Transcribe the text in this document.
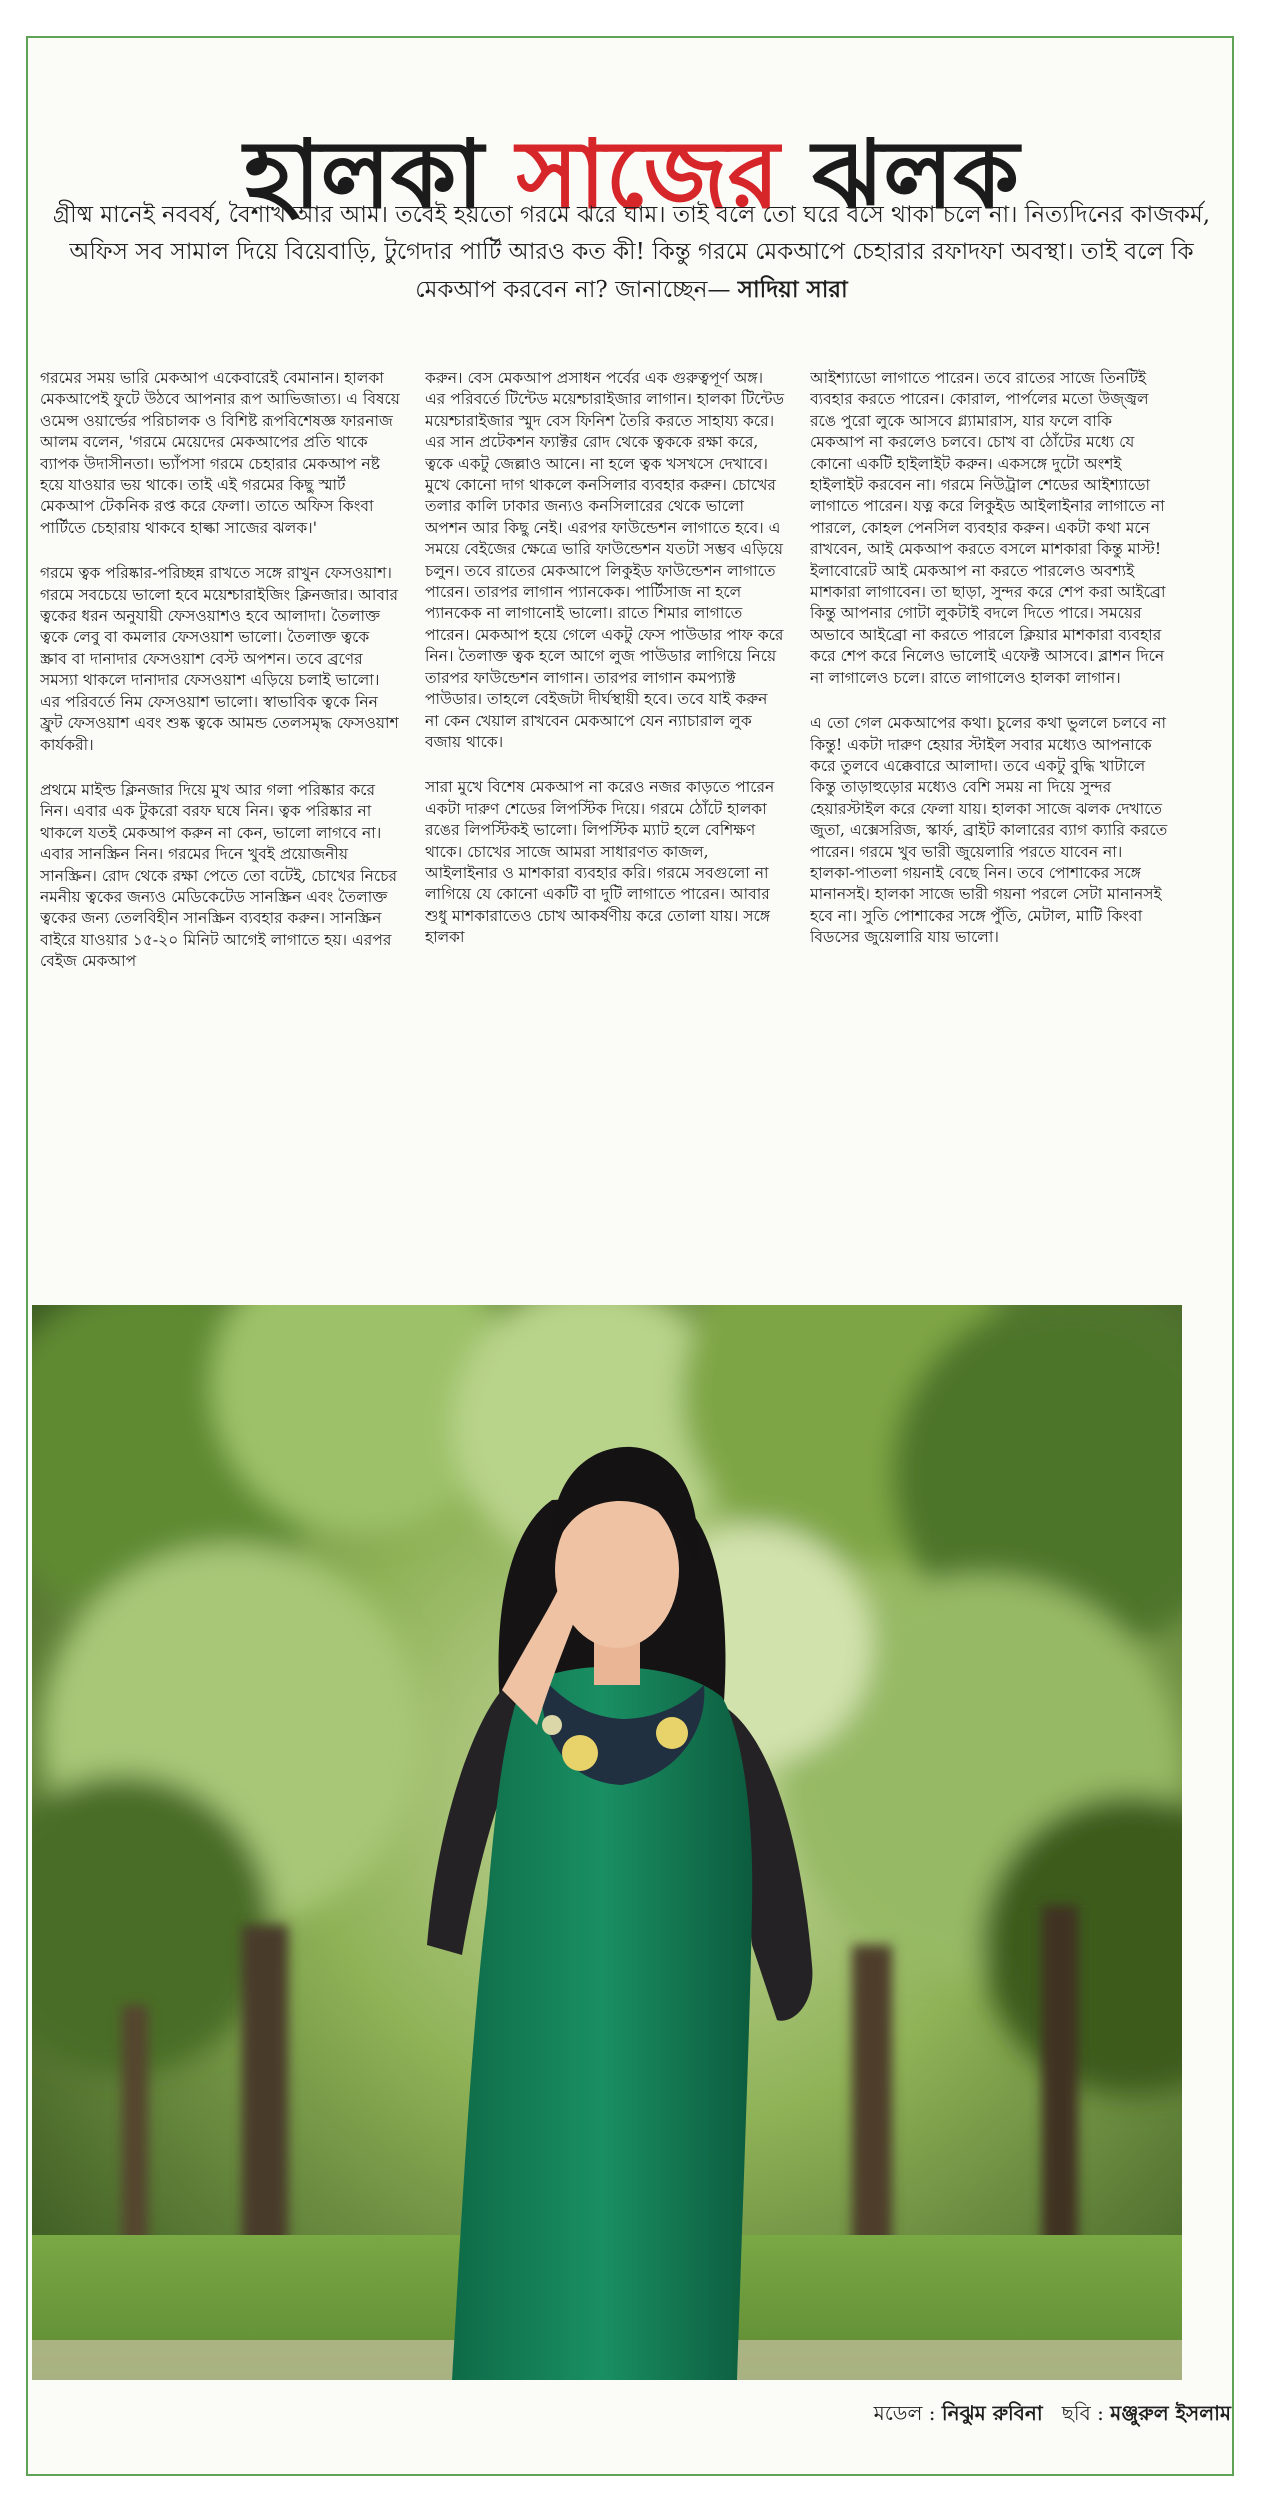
হালকা সাজের ঝলক
গ্রীষ্ম মানেই নববর্ষ, বৈশাখ আর আম। তবেই হয়তো গরমে ঝরে ঘাম। তাই বলে তো ঘরে বসে থাকা চলে না। নিত্যদিনের কাজকর্ম, অফিস সব সামাল দিয়ে বিয়েবাড়ি, টুগেদার পার্টি আরও কত কী! কিন্তু গরমে মেকআপে চেহারার রফাদফা অবস্থা। তাই বলে কি মেকআপ করবেন না? জানাচ্ছেন— সাদিয়া সারা

গরমের সময় ভারি মেকআপ একেবারেই বেমানান। হালকা মেকআপেই ফুটে উঠবে আপনার রূপ আভিজাত্য। এ বিষয়ে ওমেন্স ওয়ার্ল্ডের পরিচালক ও বিশিষ্ট রূপবিশেষজ্ঞ ফারনাজ আলম বলেন, 'গরমে মেয়েদের মেকআপের প্রতি থাকে ব্যাপক উদাসীনতা। ভ্যাঁপসা গরমে চেহারার মেকআপ নষ্ট হয়ে যাওয়ার ভয় থাকে। তাই এই গরমের কিছু স্মার্ট মেকআপ টেকনিক রপ্ত করে ফেলা। তাতে অফিস কিংবা পার্টিতে চেহারায় থাকবে হাল্কা সাজের ঝলক।'

গরমে ত্বক পরিষ্কার-পরিচ্ছন্ন রাখতে সঙ্গে রাখুন ফেসওয়াশ। গরমে সবচেয়ে ভালো হবে ময়েশ্চারাইজিং ক্লিনজার। আবার ত্বকের ধরন অনুযায়ী ফেসওয়াশও হবে আলাদা। তৈলাক্ত ত্বকে লেবু বা কমলার ফেসওয়াশ ভালো। তৈলাক্ত ত্বকে স্ক্রাব বা দানাদার ফেসওয়াশ বেস্ট অপশন। তবে ব্রণের সমস্যা থাকলে দানাদার ফেসওয়াশ এড়িয়ে চলাই ভালো। এর পরিবর্তে নিম ফেসওয়াশ ভালো। স্বাভাবিক ত্বকে নিন ফ্রুট ফেসওয়াশ এবং শুষ্ক ত্বকে আমন্ড তেলসমৃদ্ধ ফেসওয়াশ কার্যকরী।

প্রথমে মাইল্ড ক্লিনজার দিয়ে মুখ আর গলা পরিষ্কার করে নিন। এবার এক টুকরো বরফ ঘষে নিন। ত্বক পরিষ্কার না থাকলে যতই মেকআপ করুন না কেন, ভালো লাগবে না। এবার সানস্ক্রিন নিন। গরমের দিনে খুবই প্রয়োজনীয় সানস্ক্রিন। রোদ থেকে রক্ষা পেতে তো বটেই, চোখের নিচের নমনীয় ত্বকের জন্যও মেডিকেটেড সানস্ক্রিন এবং তৈলাক্ত ত্বকের জন্য তেলবিহীন সানস্ক্রিন ব্যবহার করুন। সানস্ক্রিন বাইরে যাওয়ার ১৫-২০ মিনিট আগেই লাগাতে হয়। এরপর বেইজ মেকআপ

করুন। বেস মেকআপ প্রসাধন পর্বের এক গুরুত্বপূর্ণ অঙ্গ। এর পরিবর্তে টিন্টেড ময়েশ্চারাইজার লাগান। হালকা টিন্টেড ময়েশ্চারাইজার স্মুদ বেস ফিনিশ তৈরি করতে সাহায্য করে। এর সান প্রটেকশন ফ্যাক্টর রোদ থেকে ত্বককে রক্ষা করে, ত্বকে একটু জেল্লাও আনে। না হলে ত্বক খসখসে দেখাবে। মুখে কোনো দাগ থাকলে কনসিলার ব্যবহার করুন। চোখের তলার কালি ঢাকার জন্যও কনসিলারের থেকে ভালো অপশন আর কিছু নেই। এরপর ফাউন্ডেশন লাগাতে হবে। এ সময়ে বেইজের ক্ষেত্রে ভারি ফাউন্ডেশন যতটা সম্ভব এড়িয়ে চলুন। তবে রাতের মেকআপে লিকুইড ফাউন্ডেশন লাগাতে পারেন। তারপর লাগান প্যানকেক। পার্টিসাজ না হলে প্যানকেক না লাগানোই ভালো। রাতে শিমার লাগাতে পারেন। মেকআপ হয়ে গেলে একটু ফেস পাউডার পাফ করে নিন। তৈলাক্ত ত্বক হলে আগে লুজ পাউডার লাগিয়ে নিয়ে তারপর ফাউন্ডেশন লাগান। তারপর লাগান কমপ্যাক্ট পাউডার। তাহলে বেইজটা দীর্ঘস্থায়ী হবে। তবে যাই করুন না কেন খেয়াল রাখবেন মেকআপে যেন ন্যাচারাল লুক বজায় থাকে।

সারা মুখে বিশেষ মেকআপ না করেও নজর কাড়তে পারেন একটা দারুণ শেডের লিপস্টিক দিয়ে। গরমে ঠোঁটে হালকা রঙের লিপস্টিকই ভালো। লিপস্টিক ম্যাট হলে বেশিক্ষণ থাকে। চোখের সাজে আমরা সাধারণত কাজল, আইলাইনার ও মাশকারা ব্যবহার করি। গরমে সবগুলো না লাগিয়ে যে কোনো একটি বা দুটি লাগাতে পারেন। আবার শুধু মাশকারাতেও চোখ আকর্ষণীয় করে তোলা যায়। সঙ্গে হালকা

আইশ্যাডো লাগাতে পারেন। তবে রাতের সাজে তিনটিই ব্যবহার করতে পারেন। কোরাল, পার্পলের মতো উজ্জ্বল রঙে পুরো লুকে আসবে গ্ল্যামারাস, যার ফলে বাকি মেকআপ না করলেও চলবে। চোখ বা ঠোঁটের মধ্যে যে কোনো একটি হাইলাইট করুন। একসঙ্গে দুটো অংশই হাইলাইট করবেন না। গরমে নিউট্রাল শেডের আইশ্যাডো লাগাতে পারেন। যত্ন করে লিকুইড আইলাইনার লাগাতে না পারলে, কোহল পেনসিল ব্যবহার করুন। একটা কথা মনে রাখবেন, আই মেকআপ করতে বসলে মাশকারা কিন্তু মাস্ট! ইলাবোরেট আই মেকআপ না করতে পারলেও অবশ্যই মাশকারা লাগাবেন। তা ছাড়া, সুন্দর করে শেপ করা আইব্রো কিন্তু আপনার গোটা লুকটাই বদলে দিতে পারে। সময়ের অভাবে আইব্রো না করতে পারলে ক্লিয়ার মাশকারা ব্যবহার করে শেপ করে নিলেও ভালোই এফেক্ট আসবে। ব্লাশন দিনে না লাগালেও চলে। রাতে লাগালেও হালকা লাগান।

এ তো গেল মেকআপের কথা। চুলের কথা ভুললে চলবে না কিন্তু! একটা দারুণ হেয়ার স্টাইল সবার মধ্যেও আপনাকে করে তুলবে এক্কেবারে আলাদা। তবে একটু বুদ্ধি খাটালে কিন্তু তাড়াহুড়োর মধ্যেও বেশি সময় না দিয়ে সুন্দর হেয়ারস্টাইল করে ফেলা যায়। হালকা সাজে ঝলক দেখাতে জুতা, এক্সেসরিজ, স্কার্ফ, ব্রাইট কালারের ব্যাগ ক্যারি করতে পারেন। গরমে খুব ভারী জুয়েলারি পরতে যাবেন না। হালকা-পাতলা গয়নাই বেছে নিন। তবে পোশাকের সঙ্গে মানানসই। হালকা সাজে ভারী গয়না পরলে সেটা মানানসই হবে না। সুতি পোশাকের সঙ্গে পুঁতি, মেটাল, মাটি কিংবা বিডসের জুয়েলারি যায় ভালো।

মডেল : নিঝুম রুবিনা ছবি : মঞ্জুরুল ইসলাম
